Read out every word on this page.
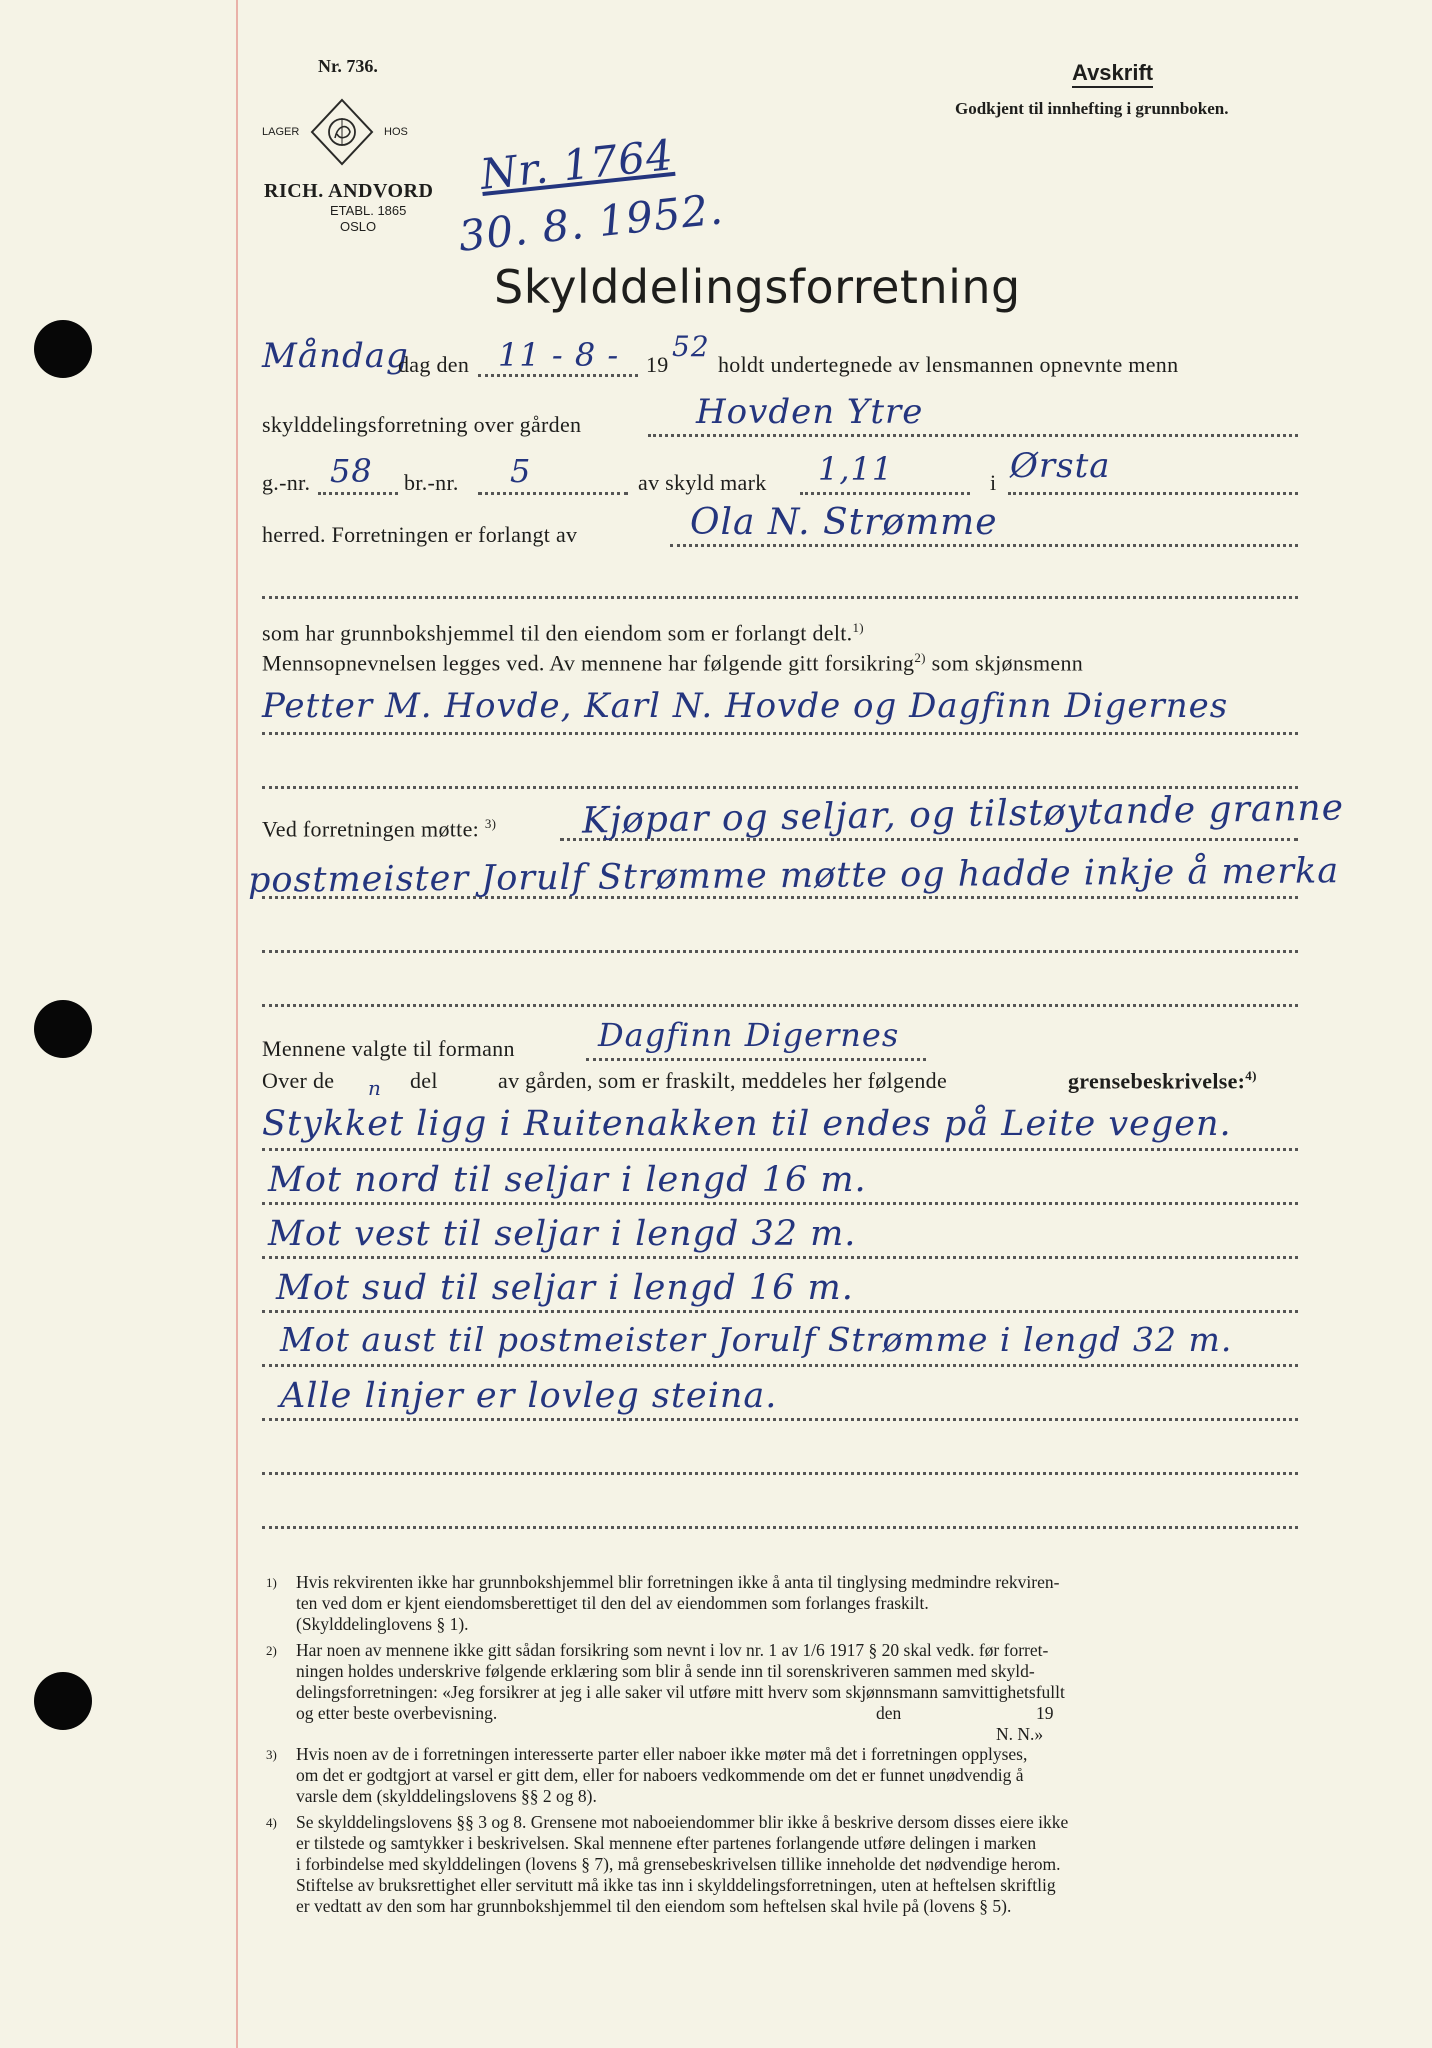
Nr. 736.
LAGER	HOS
RICH. ANDVORD
ETABL. 1865
OSLO
Avskrift
Godkjent til innhefting i grunnboken.
Nr. 1764
30. 8. 1952.
Skylddelingsforretning
Måndag
dag den 11 - 8 - 19
52
holdt undertegnede av lensmannen opnevnte menn
skylddelingsforretning over gården	Hovden Ytre
g.-nr. 58 br.-nr. 5	av skyld mark 1,11	i Ørsta
herred. Forretningen er forlangt av	Ola N. Strømme
som har grunnbokshjemmel til den eiendom som er forlangt delt.$^{1)}$
Mennsopnevnelsen legges ved. Av mennene har følgende gitt forsikring$^{2)}$ som skjønsmenn
Petter M. Hovde, Karl N. Hovde og Dagfinn Digernes
Ved forretningen møtte: $^{3)}$ Kjøpar og seljar, og tilstøytande granne
postmeister Jorulf Strømme møtte og hadde inkje å merka
Mennene valgte til formann	Dagfinn Digernes
Over de n del	av gården, som er fraskilt, meddeles her følgende	grensebeskrivelse:$^{4)}$
Stykket ligg i Ruitenakken til endes på Leite vegen.
Mot nord til seljar i lengd 16 m.
Mot vest til seljar i lengd 32 m.
Mot sud til seljar i lengd 16 m.
Mot aust til postmeister Jorulf Strømme i lengd 32 m.
Alle linjer er lovleg steina.
1) Hvis rekvirenten ikke har grunnbokshjemmel blir forretningen ikke å anta til tinglysing medmindre rekviren-
ten ved dom er kjent eiendomsberettiget til den del av eiendommen som forlanges fraskilt.
(Skylddelinglovens § 1).
2) Har noen av mennene ikke gitt sådan forsikring som nevnt i lov nr. 1 av 1/6 1917 § 20 skal vedk. før forret-
ningen holdes underskrive følgende erklæring som blir å sende inn til sorenskriveren sammen med skyld-
delingsforretningen: «Jeg forsikrer at jeg i alle saker vil utføre mitt hverv som skjønnsmann samvittighetsfullt
og etter beste overbevisning.	den	19
N. N.»
3) Hvis noen av de i forretningen interesserte parter eller naboer ikke møter må det i forretningen opplyses,
om det er godtgjort at varsel er gitt dem, eller for naboers vedkommende om det er funnet unødvendig å
varsle dem (skylddelingslovens §§ 2 og 8).
4) Se skylddelingslovens §§ 3 og 8. Grensene mot naboeiendommer blir ikke å beskrive dersom disses eiere ikke
er tilstede og samtykker i beskrivelsen. Skal mennene efter partenes forlangende utføre delingen i marken
i forbindelse med skylddelingen (lovens § 7), må grensebeskrivelsen tillike inneholde det nødvendige herom.
Stiftelse av bruksrettighet eller servitutt må ikke tas inn i skylddelingsforretningen, uten at heftelsen skriftlig
er vedtatt av den som har grunnbokshjemmel til den eiendom som heftelsen skal hvile på (lovens § 5).
